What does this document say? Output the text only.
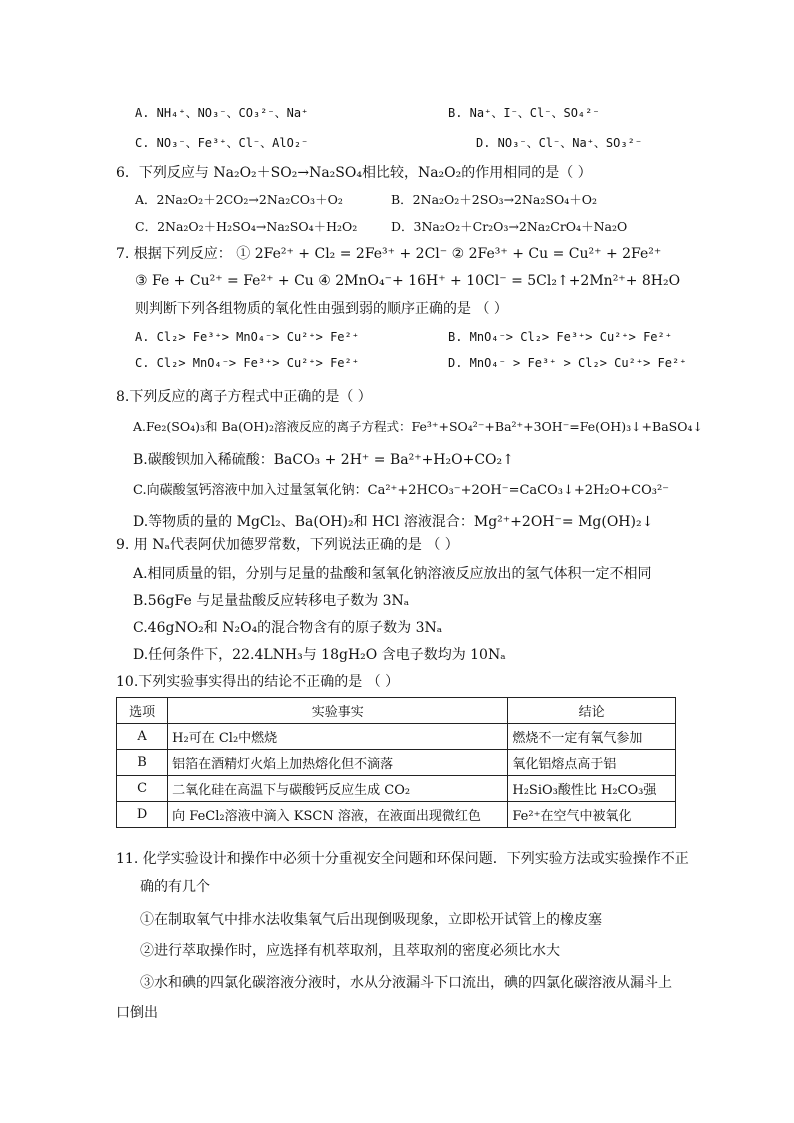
A. NH₄⁺、NO₃⁻、CO₃²⁻、Na⁺	B. Na⁺、I⁻、Cl⁻、SO₄²⁻
C. NO₃⁻、Fe³⁺、Cl⁻、AlO₂⁻	D. NO₃⁻、Cl⁻、Na⁺、SO₃²⁻
6．下列反应与 Na₂O₂＋SO₂→Na₂SO₄相比较，Na₂O₂的作用相同的是（ ）
A．2Na₂O₂＋2CO₂→2Na₂CO₃＋O₂	B．2Na₂O₂＋2SO₃→2Na₂SO₄＋O₂
C．2Na₂O₂＋H₂SO₄→Na₂SO₄＋H₂O₂	D．3Na₂O₂＋Cr₂O₃→2Na₂CrO₄＋Na₂O
7. 根据下列反应： ① 2Fe²⁺ + Cl₂ = 2Fe³⁺ + 2Cl⁻ ② 2Fe³⁺ + Cu = Cu²⁺ + 2Fe²⁺
③ Fe + Cu²⁺ = Fe²⁺ + Cu ④ 2MnO₄⁻+ 16H⁺ + 10Cl⁻ = 5Cl₂↑+2Mn²⁺+ 8H₂O
则判断下列各组物质的氧化性由强到弱的顺序正确的是 （ ）
A. Cl₂> Fe³⁺> MnO₄⁻> Cu²⁺> Fe²⁺	B. MnO₄⁻> Cl₂> Fe³⁺> Cu²⁺> Fe²⁺
C. Cl₂> MnO₄⁻> Fe³⁺> Cu²⁺> Fe²⁺	D. MnO₄⁻ > Fe³⁺ > Cl₂> Cu²⁺> Fe²⁺
8.下列反应的离子方程式中正确的是（ ）
A.Fe₂(SO₄)₃和 Ba(OH)₂溶液反应的离子方程式：Fe³⁺+SO₄²⁻+Ba²⁺+3OH⁻=Fe(OH)₃↓+BaSO₄↓
B.碳酸钡加入稀硫酸：BaCO₃ + 2H⁺ = Ba²⁺+H₂O+CO₂↑
C.向碳酸氢钙溶液中加入过量氢氧化钠：Ca²⁺+2HCO₃⁻+2OH⁻=CaCO₃↓+2H₂O+CO₃²⁻
D.等物质的量的 MgCl₂、Ba(OH)₂和 HCl 溶液混合：Mg²⁺+2OH⁻= Mg(OH)₂↓
9. 用 Nₐ代表阿伏加德罗常数，下列说法正确的是 （ ）
A.相同质量的铝，分别与足量的盐酸和氢氧化钠溶液反应放出的氢气体积一定不相同
B.56gFe 与足量盐酸反应转移电子数为 3Nₐ
C.46gNO₂和 N₂O₄的混合物含有的原子数为 3Nₐ
D.任何条件下，22.4LNH₃与 18gH₂O 含电子数均为 10Nₐ
10.下列实验事实得出的结论不正确的是 （ ）
选项	实验事实	结论
A	H₂可在 Cl₂中燃烧	燃烧不一定有氧气参加
B	铝箔在酒精灯火焰上加热熔化但不滴落	氧化铝熔点高于铝
C	二氧化硅在高温下与碳酸钙反应生成 CO₂	H₂SiO₃酸性比 H₂CO₃强
D	向 FeCl₂溶液中滴入 KSCN 溶液，在液面出现微红色	Fe²⁺在空气中被氧化
11. 化学实验设计和操作中必须十分重视安全问题和环保问题．下列实验方法或实验操作不正
确的有几个
①在制取氧气中排水法收集氧气后出现倒吸现象，立即松开试管上的橡皮塞
②进行萃取操作时，应选择有机萃取剂，且萃取剂的密度必须比水大
③水和碘的四氯化碳溶液分液时，水从分液漏斗下口流出，碘的四氯化碳溶液从漏斗上
口倒出
